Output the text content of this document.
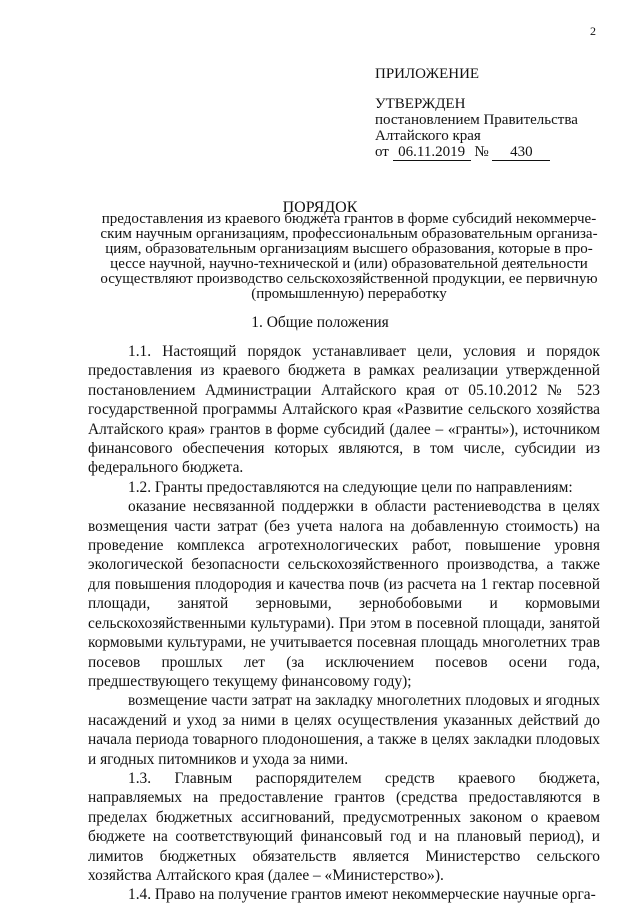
2
ПРИЛОЖЕНИЕ
УТВЕРЖДЕН
постановлением Правительства
Алтайского края
от 06.11.2019 № 430
ПОРЯДОК
предоставления из краевого бюджета грантов в форме субсидий некоммерче-
ским научным организациям, профессиональным образовательным организа-
циям, образовательным организациям высшего образования, которые в про-
цессе научной, научно-технической и (или) образовательной деятельности
осуществляют производство сельскохозяйственной продукции, ее первичную
(промышленную) переработку
1. Общие положения

1.1. Настоящий порядок устанавливает цели, условия и порядок предоставления из краевого бюджета в рамках реализации утвержденной постановлением Администрации Алтайского края от 05.10.2012 № 523 государственной программы Алтайского края «Развитие сельского хозяйства Алтайского края» грантов в форме субсидий (далее – «гранты»), источником финансового обеспечения которых являются, в том числе, субсидии из федерального бюджета.

1.2. Гранты предоставляются на следующие цели по направлениям:

оказание несвязанной поддержки в области растениеводства в целях возмещения части затрат (без учета налога на добавленную стоимость) на проведение комплекса агротехнологических работ, повышение уровня экологической безопасности сельскохозяйственного производства, а также для повышения плодородия и качества почв (из расчета на 1 гектар посевной площади, занятой зерновыми, зернобобовыми и кормовыми сельскохозяйственными культурами). При этом в посевной площади, занятой кормовыми культурами, не учитывается посевная площадь многолетних трав посевов прошлых лет (за исключением посевов осени года, предшествующего текущему финансовому году);

возмещение части затрат на закладку многолетних плодовых и ягодных насаждений и уход за ними в целях осуществления указанных действий до начала периода товарного плодоношения, а также в целях закладки плодовых и ягодных питомников и ухода за ними.

1.3. Главным распорядителем средств краевого бюджета, направляемых на предоставление грантов (средства предоставляются в пределах бюджетных ассигнований, предусмотренных законом о краевом бюджете на соответствующий финансовый год и на плановый период), и лимитов бюджетных обязательств является Министерство сельского хозяйства Алтайского края (далее – «Министерство»).

1.4. Право на получение грантов имеют некоммерческие научные орга-
